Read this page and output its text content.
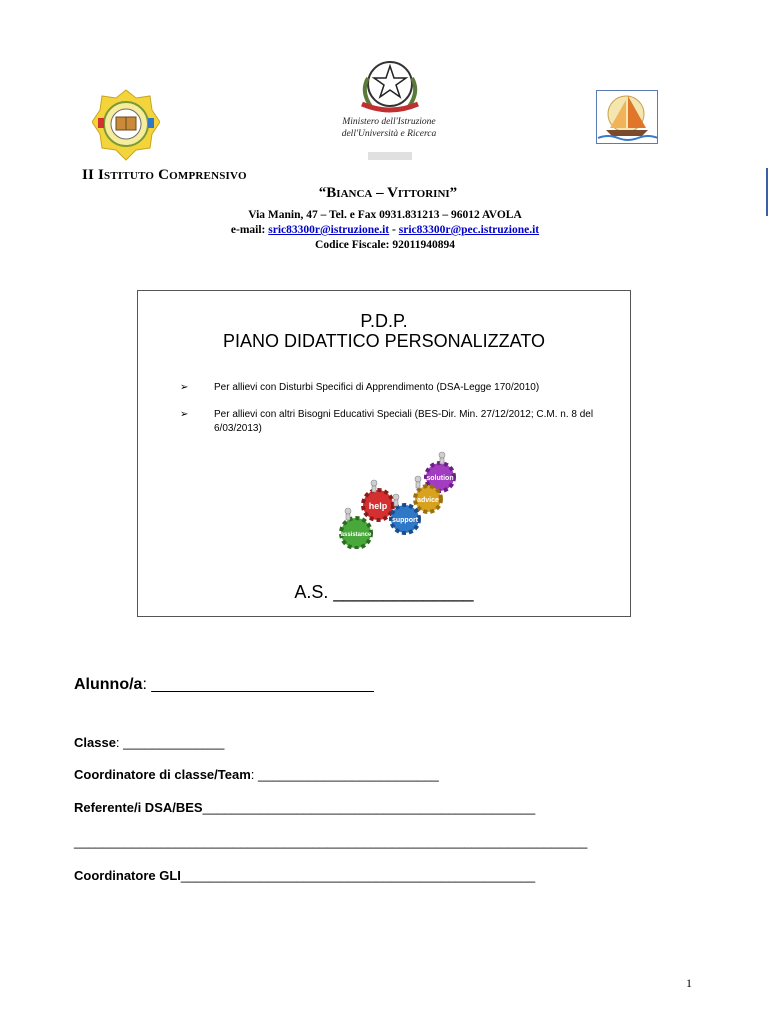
Ministero dell'Istruzione
dell'Università e Ricerca
II Istituto Comprensivo
“Bianca – Vittorini”
Via Manin, 47 – Tel. e Fax 0931.831213 – 96012 AVOLA
e-mail: sric83300r@istruzione.it - sric83300r@pec.istruzione.it
Codice Fiscale: 92011940894
P.D.P.
PIANO DIDATTICO PERSONALIZZATO
➢	Per allievi con Disturbi Specifici di Apprendimento (DSA-Legge 170/2010)
➢	Per allievi con altri Bisogni Educativi Speciali (BES-Dir. Min. 27/12/2012; C.M. n. 8 del 6/03/2013)
solution
advice
help
support
assistance
A.S. ______________
Alunno/a: _________________________
Classe: ______________
Coordinatore di classe/Team: _________________________
Referente/i DSA/BES______________________________________________
_______________________________________________________________________
Coordinatore GLI_________________________________________________
1
